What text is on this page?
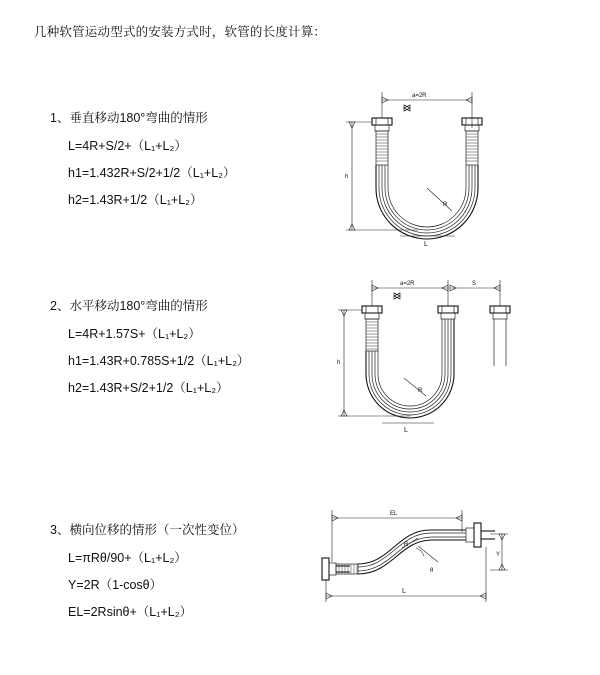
几种软管运动型式的安装方式时，软管的长度计算：

1、垂直移动180°弯曲的情形

L=4R+S/2+（L₁+L₂）

h1=1.432R+S/2+1/2（L₁+L₂）

h2=1.43R+1/2（L₁+L₂）

a=2R
R
h
L

2、水平移动180°弯曲的情形

L=4R+1.57S+（L₁+L₂）

h1=1.43R+0.785S+1/2（L₁+L₂）

h2=1.43R+S/2+1/2（L₁+L₂）

a=2R	S
R
h
L

3、横向位移的情形（一次性变位）

L=πRθ/90+（L₁+L₂）

Y=2R（1-cosθ）

EL=2Rsinθ+（L₁+L₂）

EL
θ
R
Y
L
